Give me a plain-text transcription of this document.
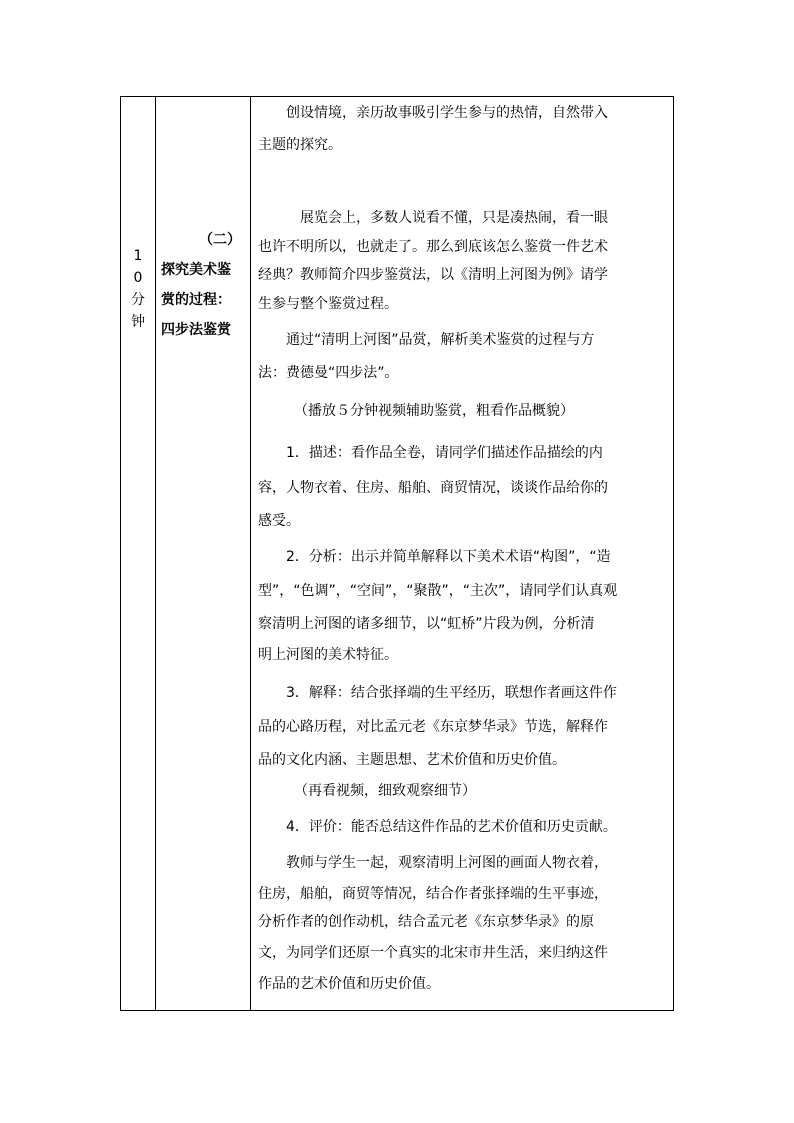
1
0
分
钟
（二）
探究美术鉴
赏的过程：
四步法鉴赏
创设情境，亲历故事吸引学生参与的热情，自然带入
主题的探究。
展览会上，多数人说看不懂，只是凑热闹，看一眼
也许不明所以，也就走了。那么到底该怎么鉴赏一件艺术
经典？教师简介四步鉴赏法，以《清明上河图为例》请学
生参与整个鉴赏过程。
通过“清明上河图”品赏，解析美术鉴赏的过程与方
法：费德曼“四步法”。
（播放５分钟视频辅助鉴赏，粗看作品概貌）
1．描述：看作品全卷，请同学们描述作品描绘的内
容，人物衣着、住房、船舶、商贸情况，谈谈作品给你的
感受。
2．分析：出示并简单解释以下美术术语“构图”，“造
型”，“色调”，“空间”，“聚散”，“主次”，请同学们认真观
察清明上河图的诸多细节，以“虹桥”片段为例，分析清
明上河图的美术特征。
3．解释：结合张择端的生平经历，联想作者画这件作
品的心路历程，对比孟元老《东京梦华录》节选，解释作
品的文化内涵、主题思想、艺术价值和历史价值。
（再看视频，细致观察细节）
4．评价：能否总结这件作品的艺术价值和历史贡献。
教师与学生一起，观察清明上河图的画面人物衣着，
住房，船舶，商贸等情况，结合作者张择端的生平事迹，
分析作者的创作动机，结合孟元老《东京梦华录》的原
文，为同学们还原一个真实的北宋市井生活，来归纳这件
作品的艺术价值和历史价值。
